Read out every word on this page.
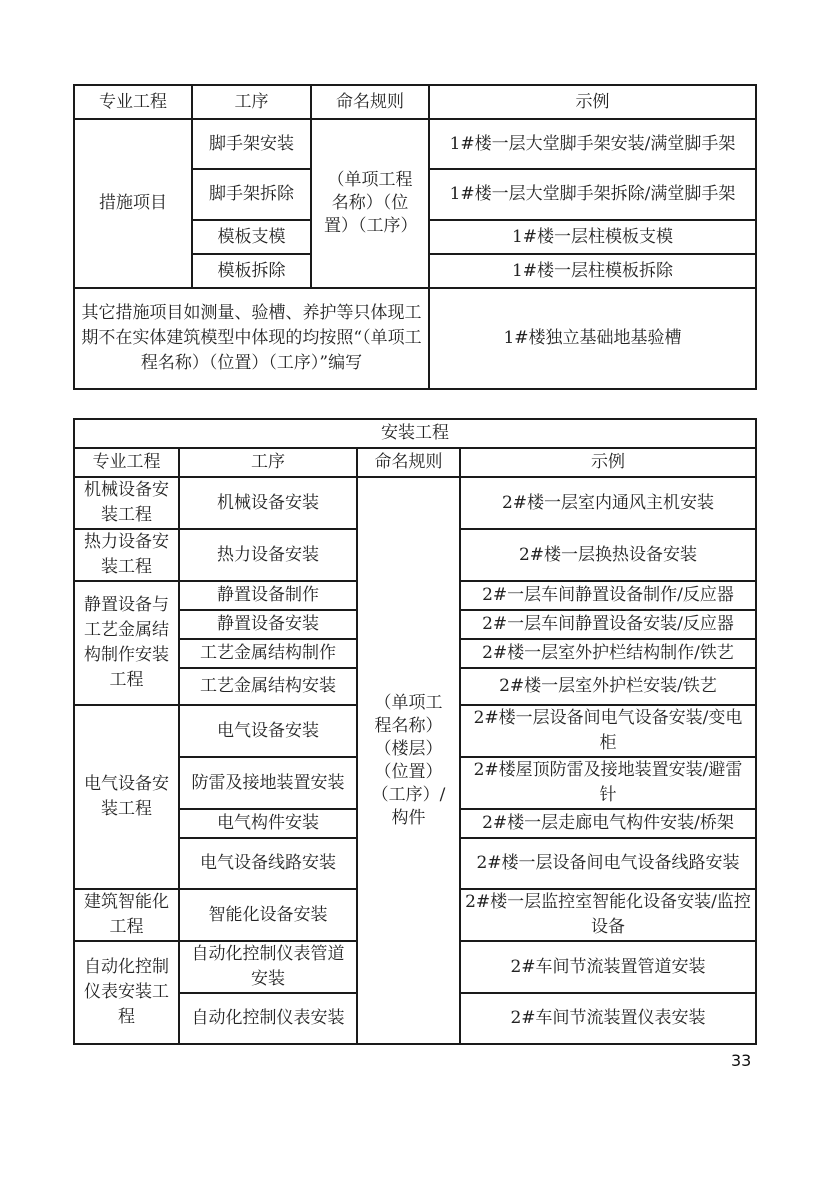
专业工程	工序	命名规则	示例
措施项目	脚手架安装	（单项工程名称）（位置）（工序）	1#楼一层大堂脚手架安装/满堂脚手架
	脚手架拆除		1#楼一层大堂脚手架拆除/满堂脚手架
	模板支模		1#楼一层柱模板支模
	模板拆除		1#楼一层柱模板拆除
其它措施项目如测量、验槽、养护等只体现工期不在实体建筑模型中体现的均按照“（单项工程名称）（位置）（工序）”编写			1#楼独立基础地基验槽
安装工程			
专业工程	工序	命名规则	示例
机械设备安装工程	机械设备安装	（单项工程名称）（楼层）（位置）（工序）/构件	2#楼一层室内通风主机安装
热力设备安装工程	热力设备安装		2#楼一层换热设备安装
静置设备与工艺金属结构制作安装工程	静置设备制作		2#一层车间静置设备制作/反应器
	静置设备安装		2#一层车间静置设备安装/反应器
	工艺金属结构制作		2#楼一层室外护栏结构制作/铁艺
	工艺金属结构安装		2#楼一层室外护栏安装/铁艺
电气设备安装工程	电气设备安装		2#楼一层设备间电气设备安装/变电柜
	防雷及接地装置安装		2#楼屋顶防雷及接地装置安装/避雷针
	电气构件安装		2#楼一层走廊电气构件安装/桥架
	电气设备线路安装		2#楼一层设备间电气设备线路安装
建筑智能化工程	智能化设备安装		2#楼一层监控室智能化设备安装/监控设备
自动化控制仪表安装工程	自动化控制仪表管道安装		2#车间节流装置管道安装
	自动化控制仪表安装		2#车间节流装置仪表安装
33
